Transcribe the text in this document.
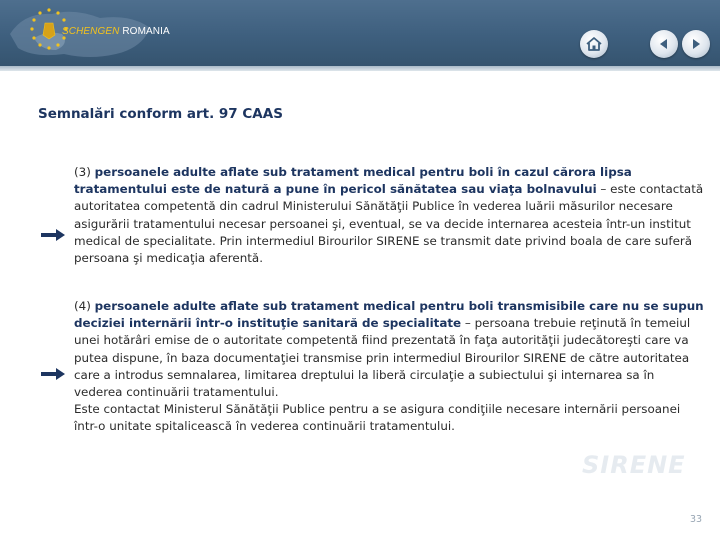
SCHENGEN ROMANIA
Semnalări conform art. 97 CAAS
(3) persoanele adulte aflate sub tratament medical pentru boli în cazul cărora lipsa tratamentului este de natură a pune în pericol sănătatea sau viaţa bolnavului – este contactată autoritatea competentă din cadrul Ministerului Sănătăţii Publice în vederea luării măsurilor necesare asigurării tratamentului necesar persoanei şi, eventual, se va decide internarea acesteia într-un institut medical de specialitate. Prin intermediul Birourilor SIRENE se transmit date privind boala de care suferă persoana şi medicaţia aferentă.
(4) persoanele adulte aflate sub tratament medical pentru boli transmisibile care nu se supun deciziei internării într-o instituţie sanitară de specialitate – persoana trebuie reţinută în temeiul unei hotărâri emise de o autoritate competentă fiind prezentată în faţa autorităţii judecătoreşti care va putea dispune, în baza documentaţiei transmise prin intermediul Birourilor SIRENE de către autoritatea care a introdus semnalarea, limitarea dreptului la liberă circulaţie a subiectului şi internarea sa în vederea continuării tratamentului.
Este contactat Ministerul Sănătăţii Publice pentru a se asigura condiţiile necesare internării persoanei într-o unitate spitalicească în vederea continuării tratamentului.
SIRENE
33
